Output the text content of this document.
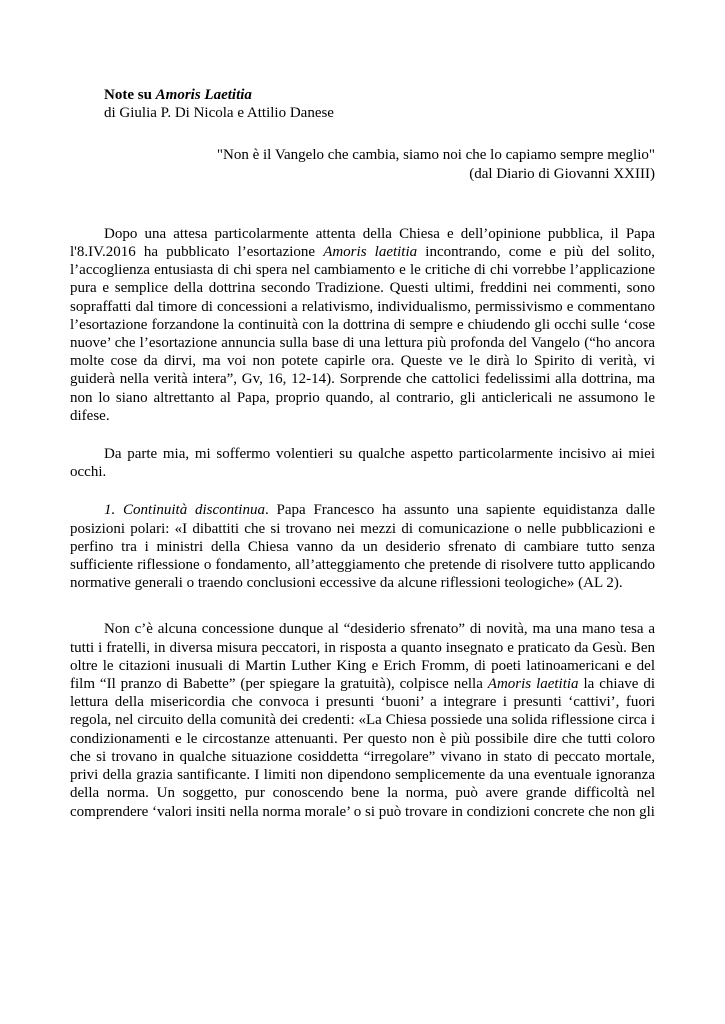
Note su Amoris Laetitia

di Giulia P. Di Nicola e Attilio Danese

"Non è il Vangelo che cambia, siamo noi che lo capiamo sempre meglio"

(dal Diario di Giovanni XXIII)

Dopo una attesa particolarmente attenta della Chiesa e dell’opinione pubblica, il Papa l'8.IV.2016 ha pubblicato l’esortazione Amoris laetitia incontrando, come e più del solito, l’accoglienza entusiasta di chi spera nel cambiamento e le critiche di chi vorrebbe l’applicazione pura e semplice della dottrina secondo Tradizione. Questi ultimi, freddini nei commenti, sono sopraffatti dal timore di concessioni a relativismo, individualismo, permissivismo e commentano l’esortazione forzandone la continuità con la dottrina di sempre e chiudendo gli occhi sulle ‘cose nuove’ che l’esortazione annuncia sulla base di una lettura più profonda del Vangelo (“ho ancora molte cose da dirvi, ma voi non potete capirle ora. Queste ve le dirà lo Spirito di verità, vi guiderà nella verità intera”, Gv, 16, 12-14). Sorprende che cattolici fedelissimi alla dottrina, ma non lo siano altrettanto al Papa, proprio quando, al contrario, gli anticlericali ne assumono le difese.

Da parte mia, mi soffermo volentieri su qualche aspetto particolarmente incisivo ai miei occhi.

1. Continuità discontinua. Papa Francesco ha assunto una sapiente equidistanza dalle posizioni polari: «I dibattiti che si trovano nei mezzi di comunicazione o nelle pubblicazioni e perfino tra i ministri della Chiesa vanno da un desiderio sfrenato di cambiare tutto senza sufficiente riflessione o fondamento, all’atteggiamento che pretende di risolvere tutto applicando normative generali o traendo conclusioni eccessive da alcune riflessioni teologiche» (AL 2).

Non c’è alcuna concessione dunque al “desiderio sfrenato” di novità, ma una mano tesa a tutti i fratelli, in diversa misura peccatori, in risposta a quanto insegnato e praticato da Gesù. Ben oltre le citazioni inusuali di Martin Luther King e Erich Fromm, di poeti latinoamericani e del film “Il pranzo di Babette” (per spiegare la gratuità), colpisce nella Amoris laetitia la chiave di lettura della misericordia che convoca i presunti ‘buoni’ a integrare i presunti ‘cattivi’, fuori regola, nel circuito della comunità dei credenti: «La Chiesa possiede una solida riflessione circa i condizionamenti e le circostanze attenuanti. Per questo non è più possibile dire che tutti coloro che si trovano in qualche situazione cosiddetta “irregolare” vivano in stato di peccato mortale, privi della grazia santificante. I limiti non dipendono semplicemente da una eventuale ignoranza della norma. Un soggetto, pur conoscendo bene la norma, può avere grande difficoltà nel comprendere ‘valori insiti nella norma morale’ o si può trovare in condizioni concrete che non gli
